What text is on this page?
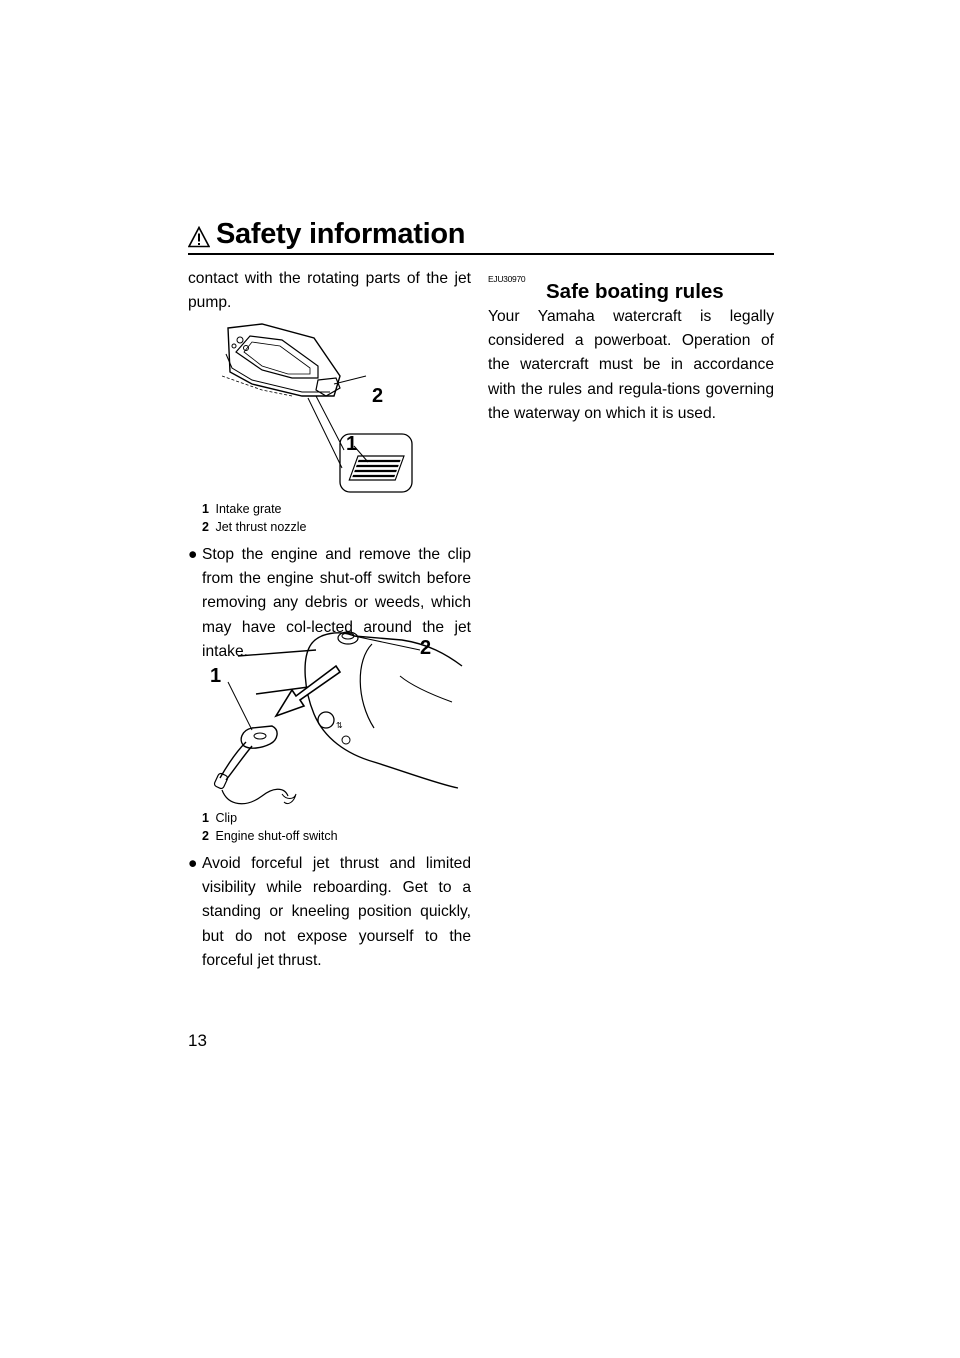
Safety information

contact with the rotating parts of the jet pump.

2
1
1 Intake grate
2 Jet thrust nozzle
● Stop the engine and remove the clip from the engine shut-off switch before removing any debris or weeds, which may have col-lected around the jet intake.
⇅
1
2
1 Clip
2 Engine shut-off switch
● Avoid forceful jet thrust and limited visibility while reboarding. Get to a standing or kneeling position quickly, but do not expose yourself to the forceful jet thrust.
EJU30970
Safe boating rules
Your Yamaha watercraft is legally considered a powerboat. Operation of the watercraft must be in accordance with the rules and regula-tions governing the waterway on which it is used.
13
